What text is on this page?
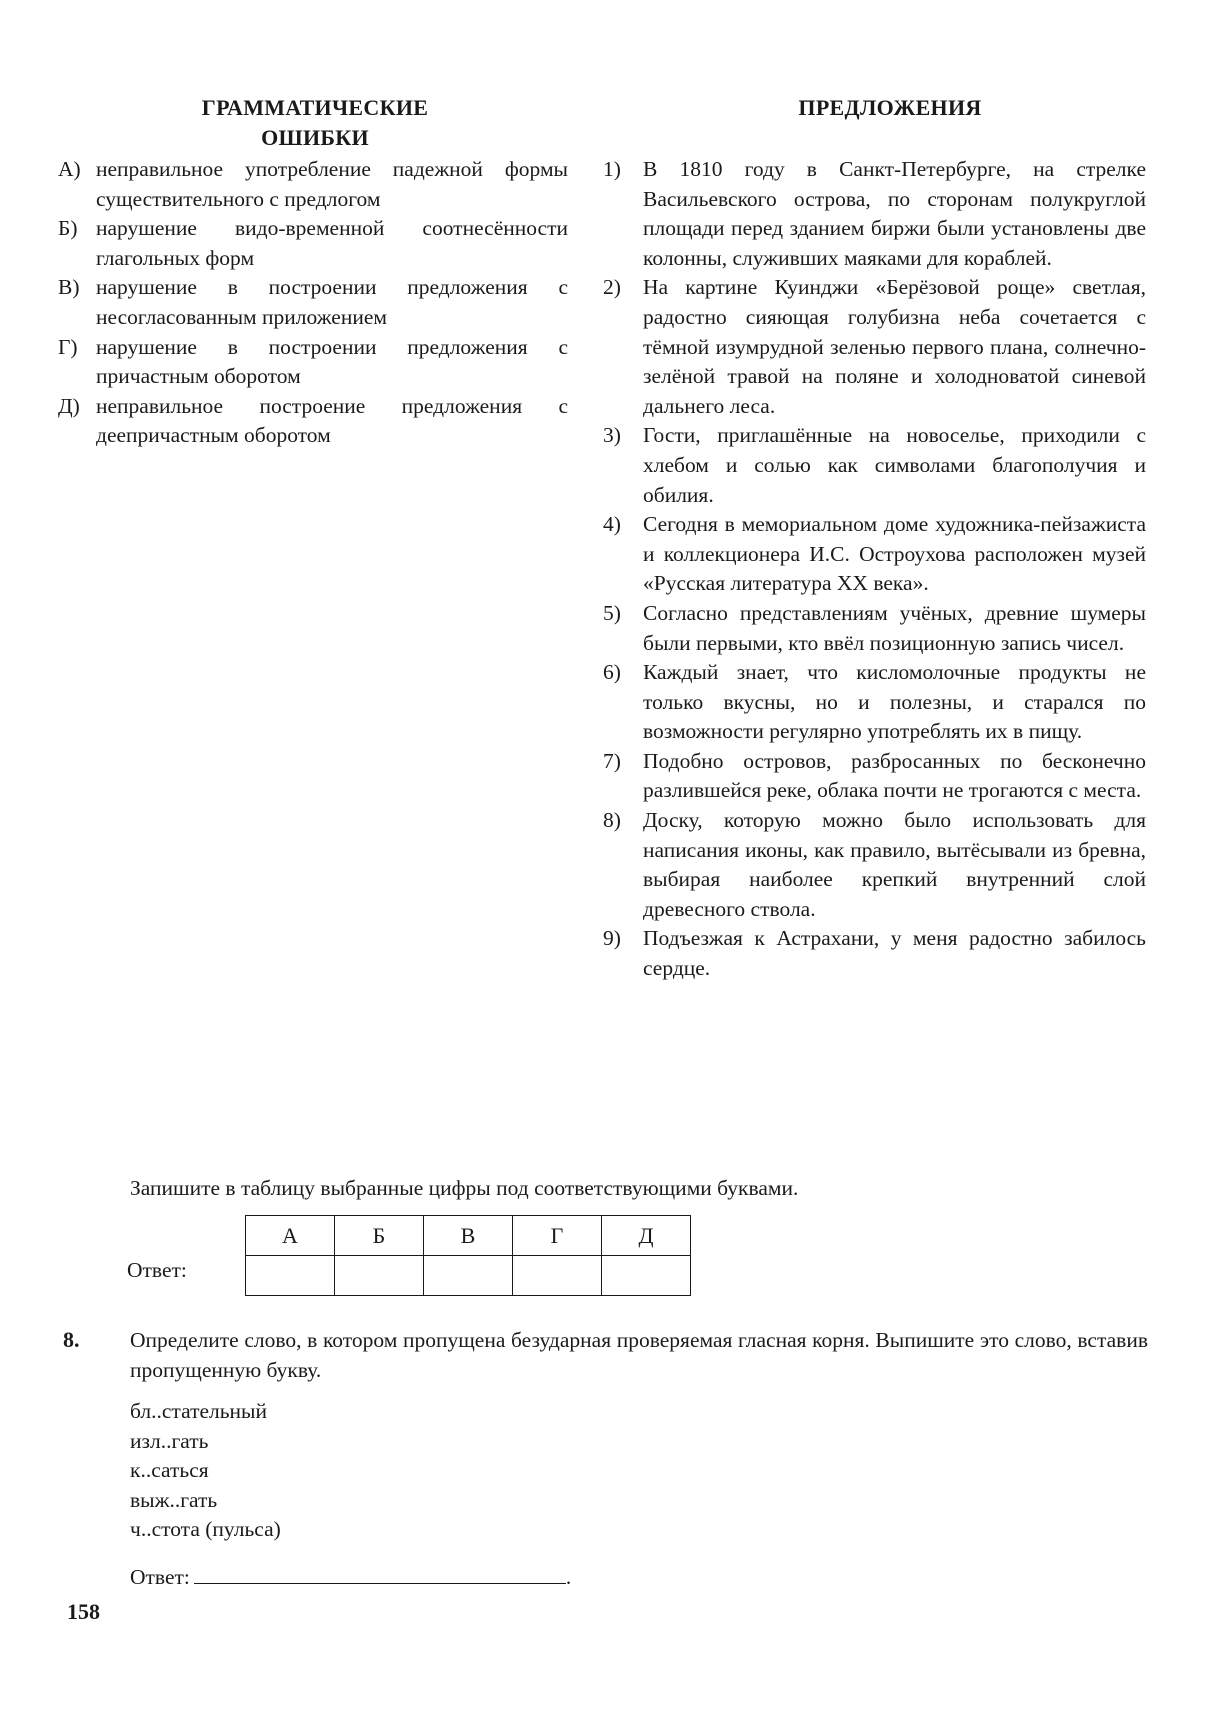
ГРАММАТИЧЕСКИЕ ОШИБКИ
ПРЕДЛОЖЕНИЯ
А) неправильное употребление падежной формы существительного с предлогом
Б) нарушение видо-временной соотнесённости глагольных форм
В) нарушение в построении предложения с несогласованным приложением
Г) нарушение в построении предложения с причастным оборотом
Д) неправильное построение предложения с деепричастным оборотом
1)	В 1810 году в Санкт-Петербурге, на стрелке Васильевского острова, по сторонам полукруглой площади перед зданием биржи были установлены две колонны, служивших маяками для кораблей.
2)	На картине Куинджи «Берёзовой роще» светлая, радостно сияющая голубизна неба сочетается с тёмной изумрудной зеленью первого плана, солнечно-зелёной травой на поляне и холодноватой синевой дальнего леса.
3)	Гости, приглашённые на новоселье, приходили с хлебом и солью как символами благополучия и обилия.
4)	Сегодня в мемориальном доме художника-пейзажиста и коллекционера И.С. Остроухова расположен музей «Русская литература XX века».
5)	Согласно представлениям учёных, древние шумеры были первыми, кто ввёл позиционную запись чисел.
6)	Каждый знает, что кисломолочные продукты не только вкусны, но и полезны, и старался по возможности регулярно употреблять их в пищу.
7)	Подобно островов, разбросанных по бесконечно разлившейся реке, облака почти не трогаются с места.
8)	Доску, которую можно было использовать для написания иконы, как правило, вытёсывали из бревна, выбирая наиболее крепкий внутренний слой древесного ствола.
9)	Подъезжая к Астрахани, у меня радостно забилось сердце.
Запишите в таблицу выбранные цифры под соответствующими буквами.
Ответ:
А	Б	В	Г	Д

8. Определите слово, в котором пропущена безударная проверяемая гласная корня. Выпишите это слово, вставив пропущенную букву.
бл..стательный
изл..гать
к..саться
выж..гать
ч..стота (пульса)
Ответ:	.
158
